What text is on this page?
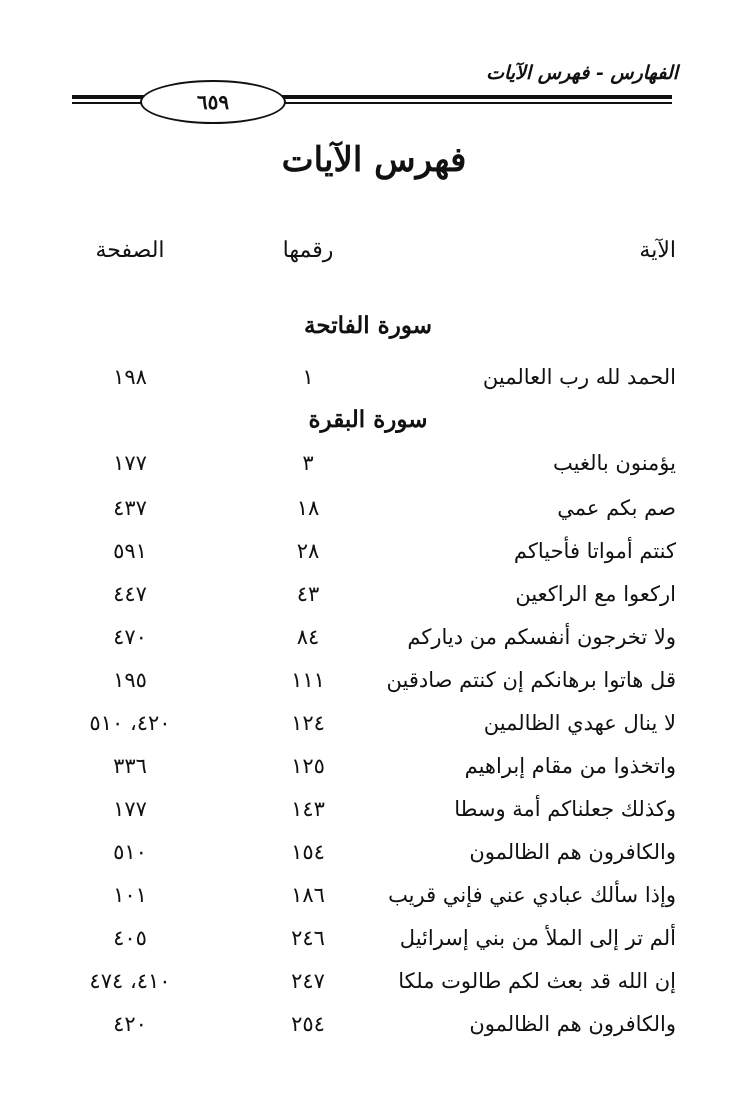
الفهارس - فهرس الآيات
٦٥٩
فهرس الآيات
الآية
رقمها
الصفحة
سورة الفاتحة
الحمد لله رب العالمين
١
١٩٨
سورة البقرة
يؤمنون بالغيب
٣
١٧٧
صم بكم عمي
١٨
٤٣٧
كنتم أمواتا فأحياكم
٢٨
٥٩١
اركعوا مع الراكعين
٤٣
٤٤٧
ولا تخرجون أنفسكم من دياركم
٨٤
٤٧٠
قل هاتوا برهانكم إن كنتم صادقين
١١١
١٩٥
لا ينال عهدي الظالمين
١٢٤
٤٢٠، ٥١٠
واتخذوا من مقام إبراهيم
١٢٥
٣٣٦
وكذلك جعلناكم أمة وسطا
١٤٣
١٧٧
والكافرون هم الظالمون
١٥٤
٥١٠
وإذا سألك عبادي عني فإني قريب
١٨٦
١٠١
ألم تر إلى الملأ من بني إسرائيل
٢٤٦
٤٠٥
إن الله قد بعث لكم طالوت ملكا
٢٤٧
٤١٠، ٤٧٤
والكافرون هم الظالمون
٢٥٤
٤٢٠
